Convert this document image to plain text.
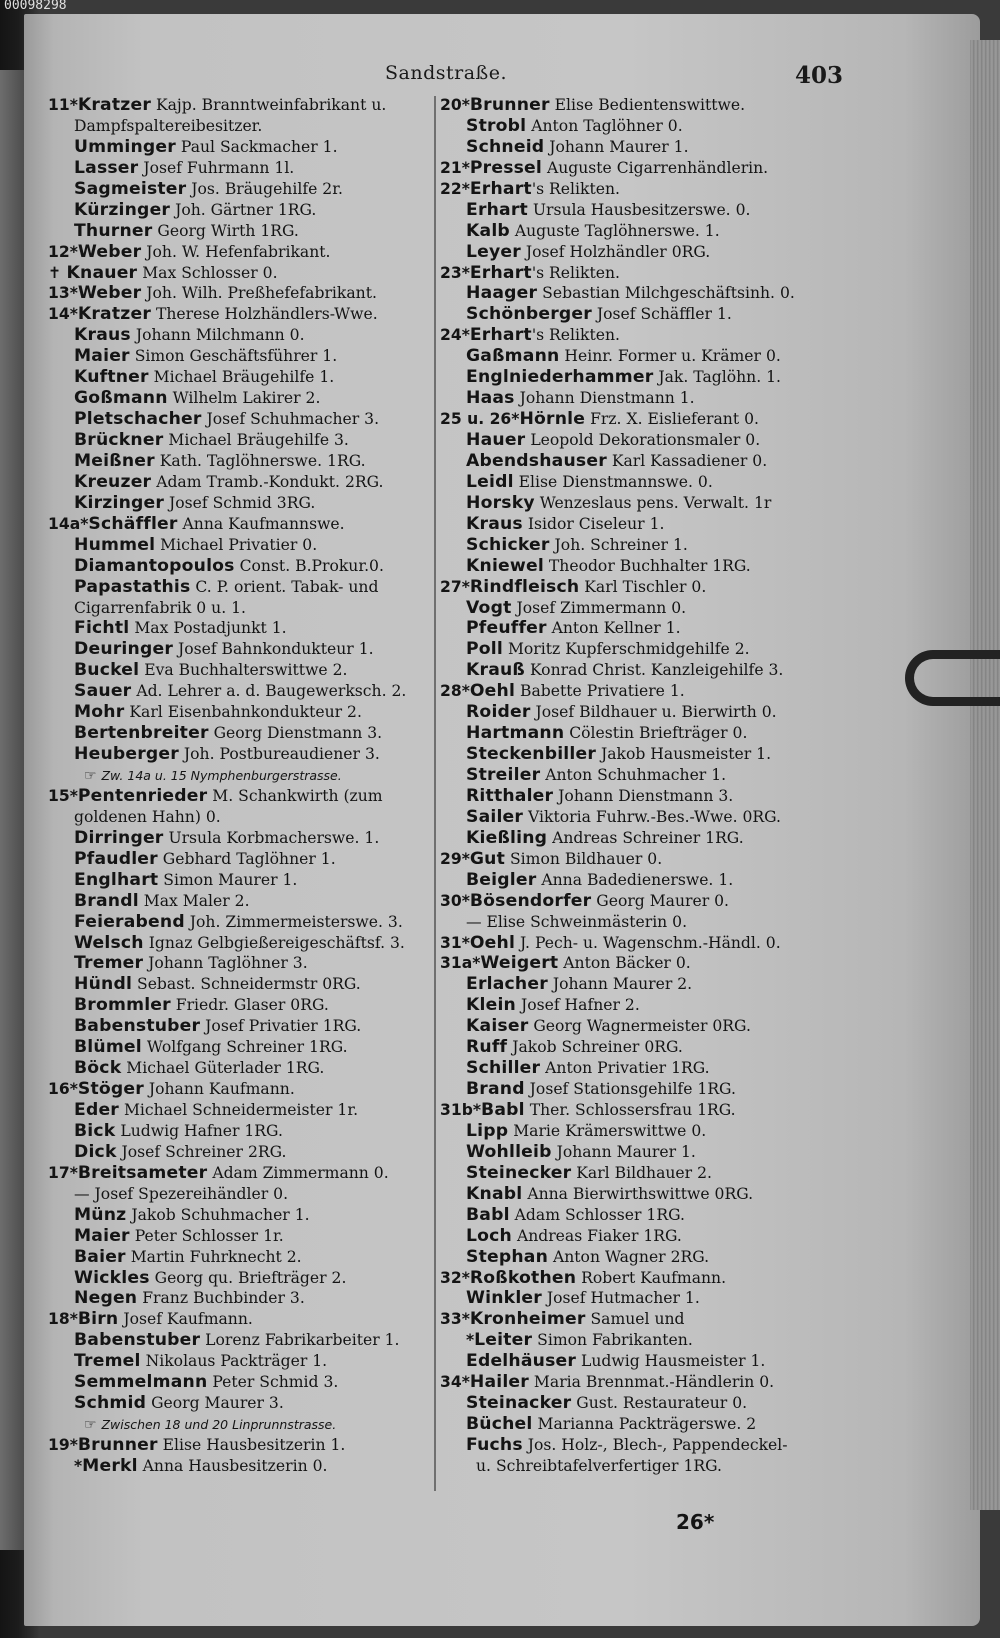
00098298
Sandstraße.	403
11*Kratzer Kajp. Branntweinfabrikant u.
Dampfspaltereibesitzer.
Umminger Paul Sackmacher 1.
Lasser Josef Fuhrmann 1l.
Sagmeister Jos. Bräugehilfe 2r.
Kürzinger Joh. Gärtner 1RG.
Thurner Georg Wirth 1RG.
12*Weber Joh. W. Hefenfabrikant.
✝ Knauer Max Schlosser 0.
13*Weber Joh. Wilh. Preßhefefabrikant.
14*Kratzer Therese Holzhändlers-Wwe.
Kraus Johann Milchmann 0.
Maier Simon Geschäftsführer 1.
Kuftner Michael Bräugehilfe 1.
Goßmann Wilhelm Lakirer 2.
Pletschacher Josef Schuhmacher 3.
Brückner Michael Bräugehilfe 3.
Meißner Kath. Taglöhnerswe. 1RG.
Kreuzer Adam Tramb.-Kondukt. 2RG.
Kirzinger Josef Schmid 3RG.
14a*Schäffler Anna Kaufmannswe.
Hummel Michael Privatier 0.
Diamantopoulos Const. B.Prokur.0.
Papastathis C. P. orient. Tabak- und
Cigarrenfabrik 0 u. 1.
Fichtl Max Postadjunkt 1.
Deuringer Josef Bahnkondukteur 1.
Buckel Eva Buchhalterswittwe 2.
Sauer Ad. Lehrer a. d. Baugewerksch. 2.
Mohr Karl Eisenbahnkondukteur 2.
Bertenbreiter Georg Dienstmann 3.
Heuberger Joh. Postbureaudiener 3.
☞ Zw. 14a u. 15 Nymphenburgerstrasse.
15*Pentenrieder M. Schankwirth (zum
goldenen Hahn) 0.
Dirringer Ursula Korbmacherswe. 1.
Pfaudler Gebhard Taglöhner 1.
Englhart Simon Maurer 1.
Brandl Max Maler 2.
Feierabend Joh. Zimmermeisterswe. 3.
Welsch Ignaz Gelbgießereigeschäftsf. 3.
Tremer Johann Taglöhner 3.
Hündl Sebast. Schneidermstr 0RG.
Brommler Friedr. Glaser 0RG.
Babenstuber Josef Privatier 1RG.
Blümel Wolfgang Schreiner 1RG.
Böck Michael Güterlader 1RG.
16*Stöger Johann Kaufmann.
Eder Michael Schneidermeister 1r.
Bick Ludwig Hafner 1RG.
Dick Josef Schreiner 2RG.
17*Breitsameter Adam Zimmermann 0.
— Josef Spezereihändler 0.
Münz Jakob Schuhmacher 1.
Maier Peter Schlosser 1r.
Baier Martin Fuhrknecht 2.
Wickles Georg qu. Briefträger 2.
Negen Franz Buchbinder 3.
18*Birn Josef Kaufmann.
Babenstuber Lorenz Fabrikarbeiter 1.
Tremel Nikolaus Packträger 1.
Semmelmann Peter Schmid 3.
Schmid Georg Maurer 3.
☞ Zwischen 18 und 20 Linprunnstrasse.
19*Brunner Elise Hausbesitzerin 1.
*Merkl Anna Hausbesitzerin 0.
20*Brunner Elise Bedientenswittwe.
Strobl Anton Taglöhner 0.
Schneid Johann Maurer 1.
21*Pressel Auguste Cigarrenhändlerin.
22*Erhart's Relikten.
Erhart Ursula Hausbesitzerswe. 0.
Kalb Auguste Taglöhnerswe. 1.
Leyer Josef Holzhändler 0RG.
23*Erhart's Relikten.
Haager Sebastian Milchgeschäftsinh. 0.
Schönberger Josef Schäffler 1.
24*Erhart's Relikten.
Gaßmann Heinr. Former u. Krämer 0.
Englniederhammer Jak. Taglöhn. 1.
Haas Johann Dienstmann 1.
25 u. 26*Hörnle Frz. X. Eislieferant 0.
Hauer Leopold Dekorationsmaler 0.
Abendshauser Karl Kassadiener 0.
Leidl Elise Dienstmannswe. 0.
Horsky Wenzeslaus pens. Verwalt. 1r
Kraus Isidor Ciseleur 1.
Schicker Joh. Schreiner 1.
Kniewel Theodor Buchhalter 1RG.
27*Rindfleisch Karl Tischler 0.
Vogt Josef Zimmermann 0.
Pfeuffer Anton Kellner 1.
Poll Moritz Kupferschmidgehilfe 2.
Krauß Konrad Christ. Kanzleigehilfe 3.
28*Oehl Babette Privatiere 1.
Roider Josef Bildhauer u. Bierwirth 0.
Hartmann Cölestin Briefträger 0.
Steckenbiller Jakob Hausmeister 1.
Streiler Anton Schuhmacher 1.
Ritthaler Johann Dienstmann 3.
Sailer Viktoria Fuhrw.-Bes.-Wwe. 0RG.
Kießling Andreas Schreiner 1RG.
29*Gut Simon Bildhauer 0.
Beigler Anna Badedienerswe. 1.
30*Bösendorfer Georg Maurer 0.
— Elise Schweinmästerin 0.
31*Oehl J. Pech- u. Wagenschm.-Händl. 0.
31a*Weigert Anton Bäcker 0.
Erlacher Johann Maurer 2.
Klein Josef Hafner 2.
Kaiser Georg Wagnermeister 0RG.
Ruff Jakob Schreiner 0RG.
Schiller Anton Privatier 1RG.
Brand Josef Stationsgehilfe 1RG.
31b*Babl Ther. Schlossersfrau 1RG.
Lipp Marie Krämerswittwe 0.
Wohlleib Johann Maurer 1.
Steinecker Karl Bildhauer 2.
Knabl Anna Bierwirthswittwe 0RG.
Babl Adam Schlosser 1RG.
Loch Andreas Fiaker 1RG.
Stephan Anton Wagner 2RG.
32*Roßkothen Robert Kaufmann.
Winkler Josef Hutmacher 1.
33*Kronheimer Samuel und
*Leiter Simon Fabrikanten.
Edelhäuser Ludwig Hausmeister 1.
34*Hailer Maria Brennmat.-Händlerin 0.
Steinacker Gust. Restaurateur 0.
Büchel Marianna Packträgerswe. 2
Fuchs Jos. Holz-, Blech-, Pappendeckel-
u. Schreibtafelverfertiger 1RG.
26*
